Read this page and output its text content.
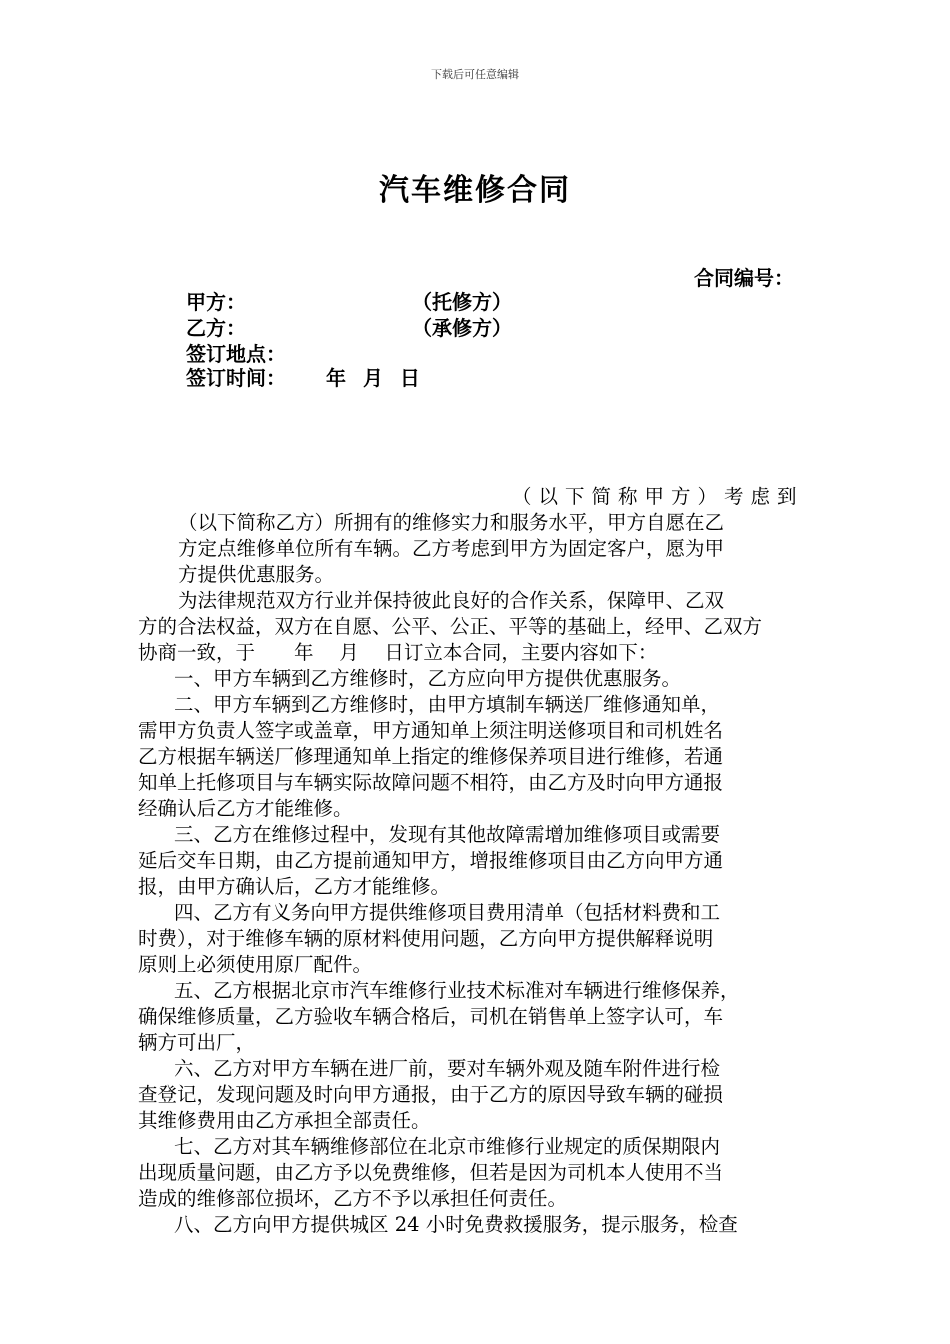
下载后可任意编辑
汽车维修合同
合同编号：
甲方：	（托修方）
乙方：	（承修方）
签订地点：
签订时间： 年 月 日
（以下简称甲方）考虑到
（以下简称乙方）所拥有的维修实力和服务水平，甲方自愿在乙
方定点维修单位所有车辆。乙方考虑到甲方为固定客户，愿为甲
方提供优惠服务。
为法律规范双方行业并保持彼此良好的合作关系，保障甲、乙双
方的合法权益，双方在自愿、公平、公正、平等的基础上，经甲、乙双方
协商一致，于　　年　 月　 日订立本合同，主要内容如下：
一、甲方车辆到乙方维修时，乙方应向甲方提供优惠服务。
二、甲方车辆到乙方维修时，由甲方填制车辆送厂维修通知单，
需甲方负责人签字或盖章，甲方通知单上须注明送修项目和司机姓名
乙方根据车辆送厂修理通知单上指定的维修保养项目进行维修，若通
知单上托修项目与车辆实际故障问题不相符，由乙方及时向甲方通报
经确认后乙方才能维修。
三、乙方在维修过程中，发现有其他故障需增加维修项目或需要
延后交车日期，由乙方提前通知甲方，增报维修项目由乙方向甲方通
报，由甲方确认后，乙方才能维修。
四、乙方有义务向甲方提供维修项目费用清单（包括材料费和工
时费），对于维修车辆的原材料使用问题，乙方向甲方提供解释说明
原则上必须使用原厂配件。
五、乙方根据北京市汽车维修行业技术标准对车辆进行维修保养，
确保维修质量，乙方验收车辆合格后，司机在销售单上签字认可，车
辆方可出厂，
六、乙方对甲方车辆在进厂前，要对车辆外观及随车附件进行检
查登记，发现问题及时向甲方通报，由于乙方的原因导致车辆的碰损
其维修费用由乙方承担全部责任。
七、乙方对其车辆维修部位在北京市维修行业规定的质保期限内
出现质量问题，由乙方予以免费维修，但若是因为司机本人使用不当
造成的维修部位损坏，乙方不予以承担任何责任。
八、乙方向甲方提供城区 24 小时免费救援服务，提示服务，检查
